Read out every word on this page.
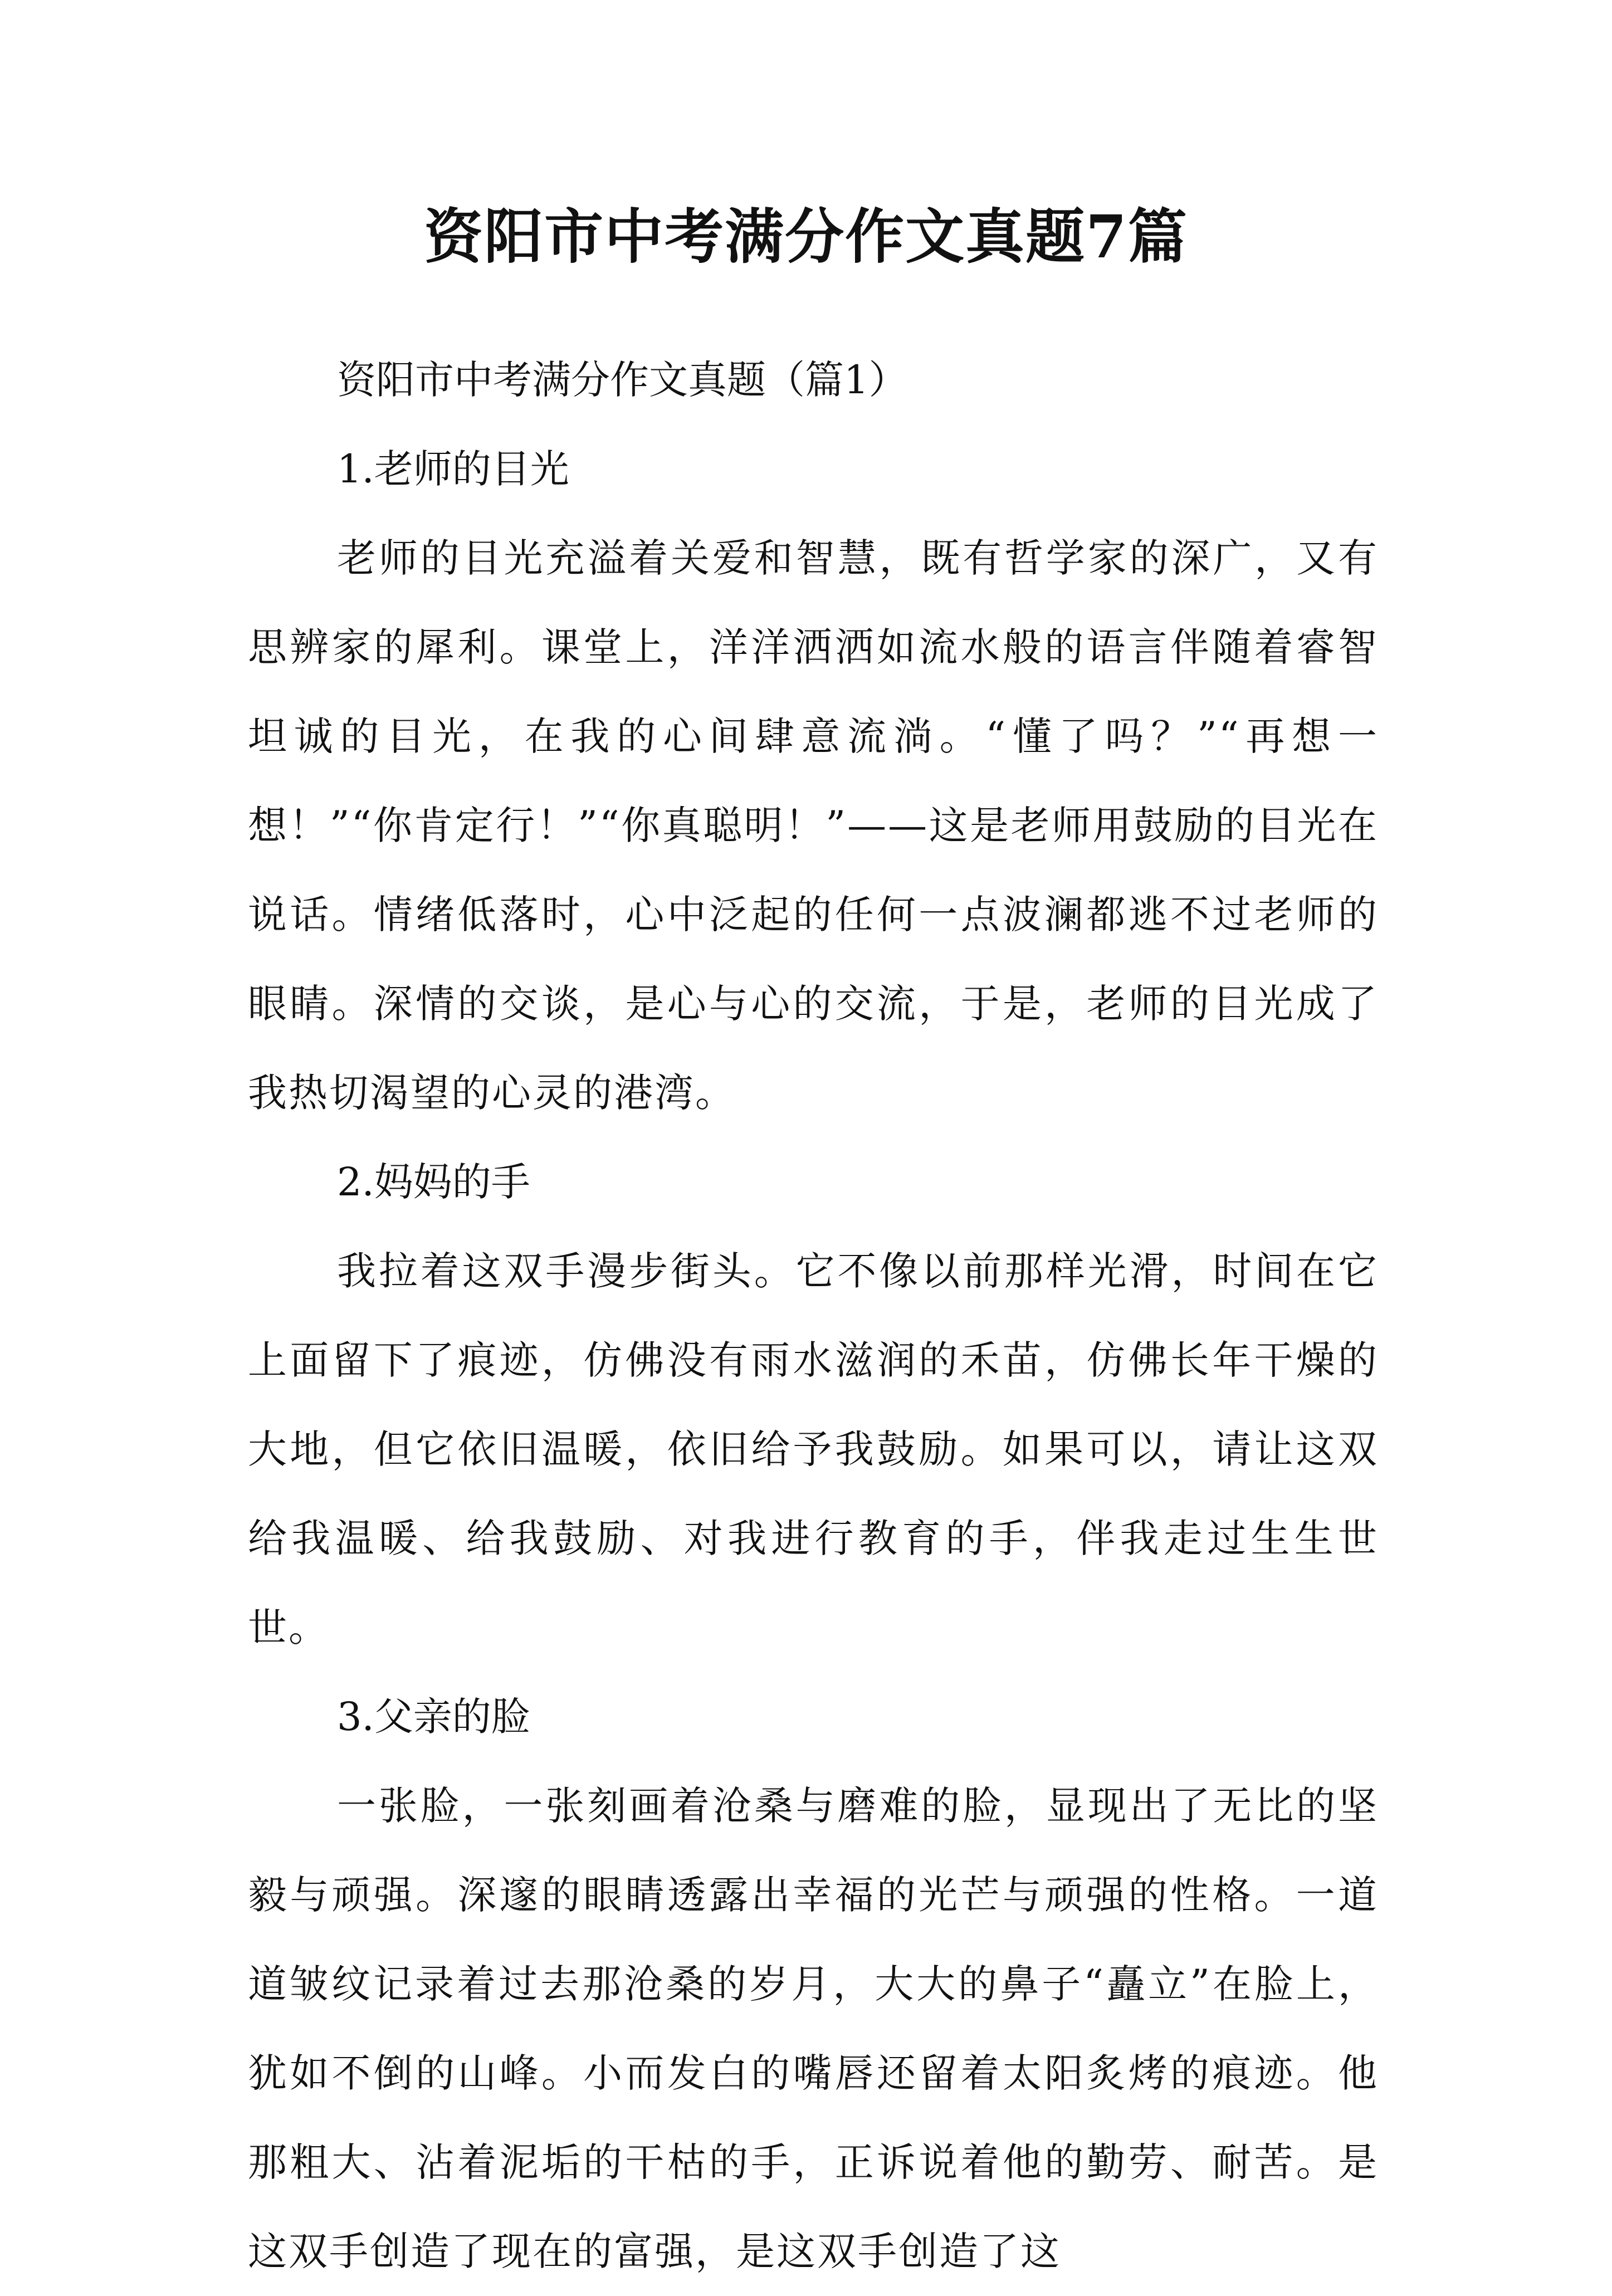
资阳市中考满分作文真题7篇

资阳市中考满分作文真题（篇1）

1.老师的目光

老师的目光充溢着关爱和智慧，既有哲学家的深广，又有思辨家的犀利。课堂上，洋洋洒洒如流水般的语言伴随着睿智坦诚的目光，在我的心间肆意流淌。“懂了吗？”“再想一想！”“你肯定行！”“你真聪明！”——这是老师用鼓励的目光在说话。情绪低落时，心中泛起的任何一点波澜都逃不过老师的眼睛。深情的交谈，是心与心的交流，于是，老师的目光成了我热切渴望的心灵的港湾。

2.妈妈的手

我拉着这双手漫步街头。它不像以前那样光滑，时间在它上面留下了痕迹，仿佛没有雨水滋润的禾苗，仿佛长年干燥的大地，但它依旧温暖，依旧给予我鼓励。如果可以，请让这双给我温暖、给我鼓励、对我进行教育的手，伴我走过生生世世。

3.父亲的脸

一张脸，一张刻画着沧桑与磨难的脸，显现出了无比的坚毅与顽强。深邃的眼睛透露出幸福的光芒与顽强的性格。一道道皱纹记录着过去那沧桑的岁月，大大的鼻子“矗立”在脸上，犹如不倒的山峰。小而发白的嘴唇还留着太阳炙烤的痕迹。他那粗大、沾着泥垢的干枯的手，正诉说着他的勤劳、耐苦。是这双手创造了现在的富强，是这双手创造了这
